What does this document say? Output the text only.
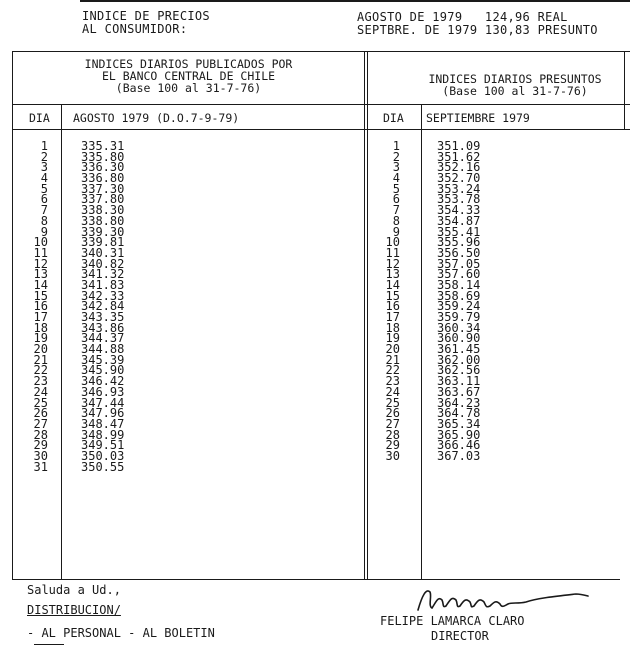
INDICE DE PRECIOS
AL CONSUMIDOR:
AGOSTO DE 1979   124,96 REAL
SEPTBRE. DE 1979 130,83 PRESUNTO
INDICES DIARIOS PUBLICADOS POR
EL BANCO CENTRAL DE CHILE
(Base 100 al 31-7-76)
INDICES DIARIOS PRESUNTOS
(Base 100 al 31-7-76)
DIA AGOSTO 1979 (D.O.7-9-79)	DIA SEPTIEMBRE 1979
1
2
3
4
5
6
7
8
9
10
11
12
13
14
15
16
17
18
19
20
21
22
23
24
25
26
27
28
29
30
31
335.31
335.80
336.30
336.80
337.30
337.80
338.30
338.80
339.30
339.81
340.31
340.82
341.32
341.83
342.33
342.84
343.35
343.86
344.37
344.88
345.39
345.90
346.42
346.93
347.44
347.96
348.47
348.99
349.51
350.03
350.55
1
2
3
4
5
6
7
8
9
10
11
12
13
14
15
16
17
18
19
20
21
22
23
24
25
26
27
28
29
30
351.09
351.62
352.16
352.70
353.24
353.78
354.33
354.87
355.41
355.96
356.50
357.05
357.60
358.14
358.69
359.24
359.79
360.34
360.90
361.45
362.00
362.56
363.11
363.67
364.23
364.78
365.34
365.90
366.46
367.03
Saluda a Ud.,
DISTRIBUCION/
- AL PERSONAL - AL BOLETIN
FELIPE LAMARCA CLARO
DIRECTOR
